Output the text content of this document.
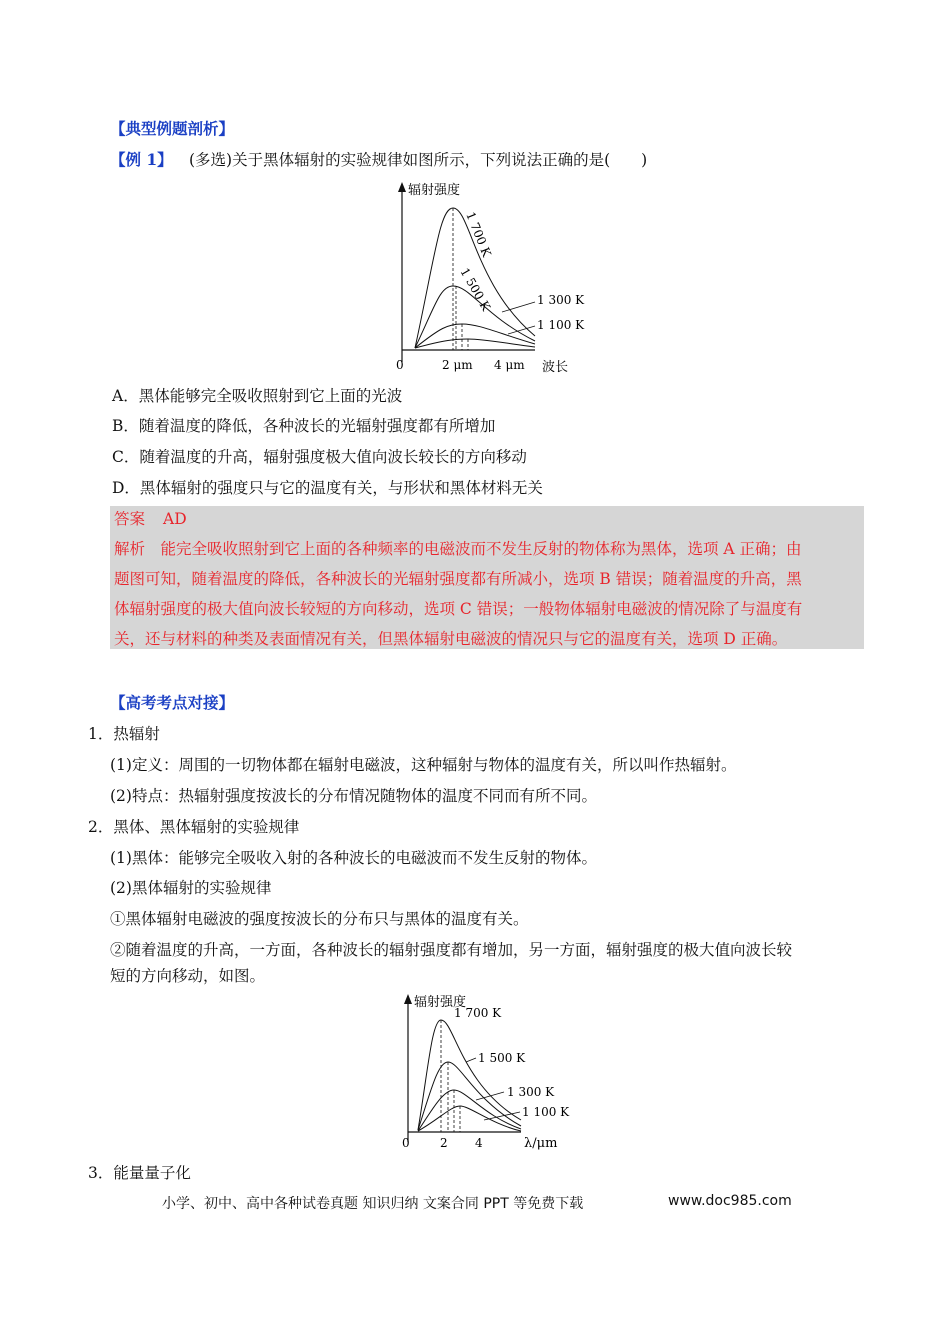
【典型例题剖析】
【例 1】 (多选)关于黑体辐射的实验规律如图所示，下列说法正确的是(　　)
辐射强度
0	2 μm 4 μm 波长
1 700 K
1 500 K	1 300 K
1 100 K
A．黑体能够完全吸收照射到它上面的光波
B．随着温度的降低，各种波长的光辐射强度都有所增加
C．随着温度的升高，辐射强度极大值向波长较长的方向移动
D．黑体辐射的强度只与它的温度有关，与形状和黑体材料无关
答案 AD
解析　能完全吸收照射到它上面的各种频率的电磁波而不发生反射的物体称为黑体，选项 A 正确；由
题图可知，随着温度的降低，各种波长的光辐射强度都有所减小，选项 B 错误；随着温度的升高，黑
体辐射强度的极大值向波长较短的方向移动，选项 C 错误；一般物体辐射电磁波的情况除了与温度有
关，还与材料的种类及表面情况有关，但黑体辐射电磁波的情况只与它的温度有关，选项 D 正确。
【高考考点对接】
1．热辐射
(1)定义：周围的一切物体都在辐射电磁波，这种辐射与物体的温度有关，所以叫作热辐射。
(2)特点：热辐射强度按波长的分布情况随物体的温度不同而有所不同。
2．黑体、黑体辐射的实验规律
(1)黑体：能够完全吸收入射的各种波长的电磁波而不发生反射的物体。
(2)黑体辐射的实验规律
①黑体辐射电磁波的强度按波长的分布只与黑体的温度有关。
②随着温度的升高，一方面，各种波长的辐射强度都有增加，另一方面，辐射强度的极大值向波长较
短的方向移动，如图。
辐射强度
0	2 4	λ/μm
1 700 K
1 500 K
1 300 K
1 100 K
3．能量量子化
小学、初中、高中各种试卷真题 知识归纳 文案合同 PPT 等免费下载	www.doc985.com
